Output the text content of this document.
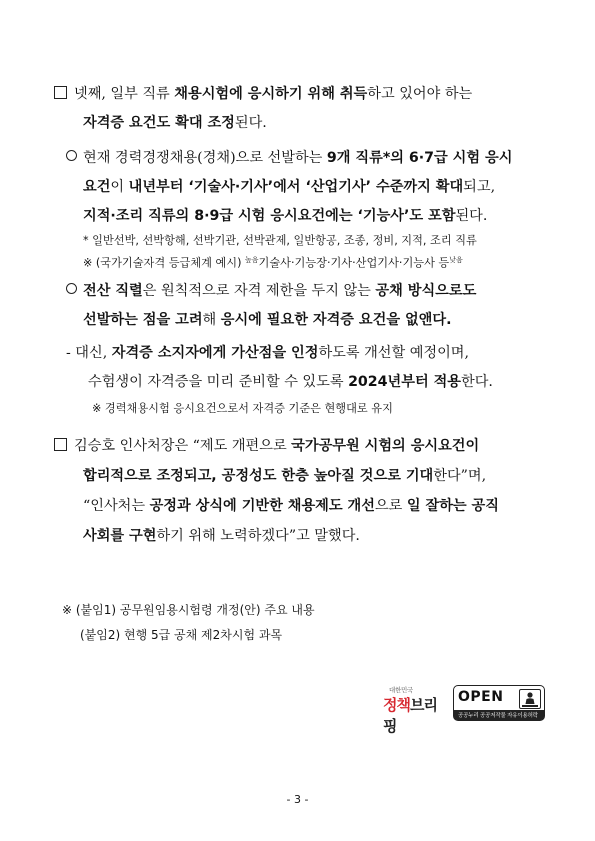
넷째, 일부 직류 채용시험에 응시하기 위해 취득하고 있어야 하는
자격증 요건도 확대 조정된다.
현재 경력경쟁채용(경채)으로 선발하는 9개 직류*의 6·7급 시험 응시
요건이 내년부터 ‘기술사·기사’에서 ‘산업기사’ 수준까지 확대되고,
지적·조리 직류의 8·9급 시험 응시요건에는 ‘기능사’도 포함된다.
* 일반선박, 선박항해, 선박기관, 선박관제, 일반항공, 조종, 정비, 지적, 조리 직류
※ (국가기술자격 등급체계 예시) $^{높음}$기술사·기능장·기사·산업기사·기능사 등$^{낮음}$
전산 직렬은 원칙적으로 자격 제한을 두지 않는 공채 방식으로도
선발하는 점을 고려해 응시에 필요한 자격증 요건을 없앤다.
- 대신, 자격증 소지자에게 가산점을 인정하도록 개선할 예정이며,
수험생이 자격증을 미리 준비할 수 있도록 2024년부터 적용한다.
※ 경력채용시험 응시요건으로서 자격증 기준은 현행대로 유지
김승호 인사처장은 “제도 개편으로 국가공무원 시험의 응시요건이
합리적으로 조정되고, 공정성도 한층 높아질 것으로 기대한다”며,
“인사처는 공정과 상식에 기반한 채용제도 개선으로 일 잘하는 공직
사회를 구현하기 위해 노력하겠다”고 말했다.
※ (붙임1) 공무원임용시험령 개정(안) 주요 내용
(붙임2) 현행 5급 공채 제2차시험 과목
대한민국
정책브리핑
OPEN
공공누리 공공저작물 자유이용허락
- 3 -
